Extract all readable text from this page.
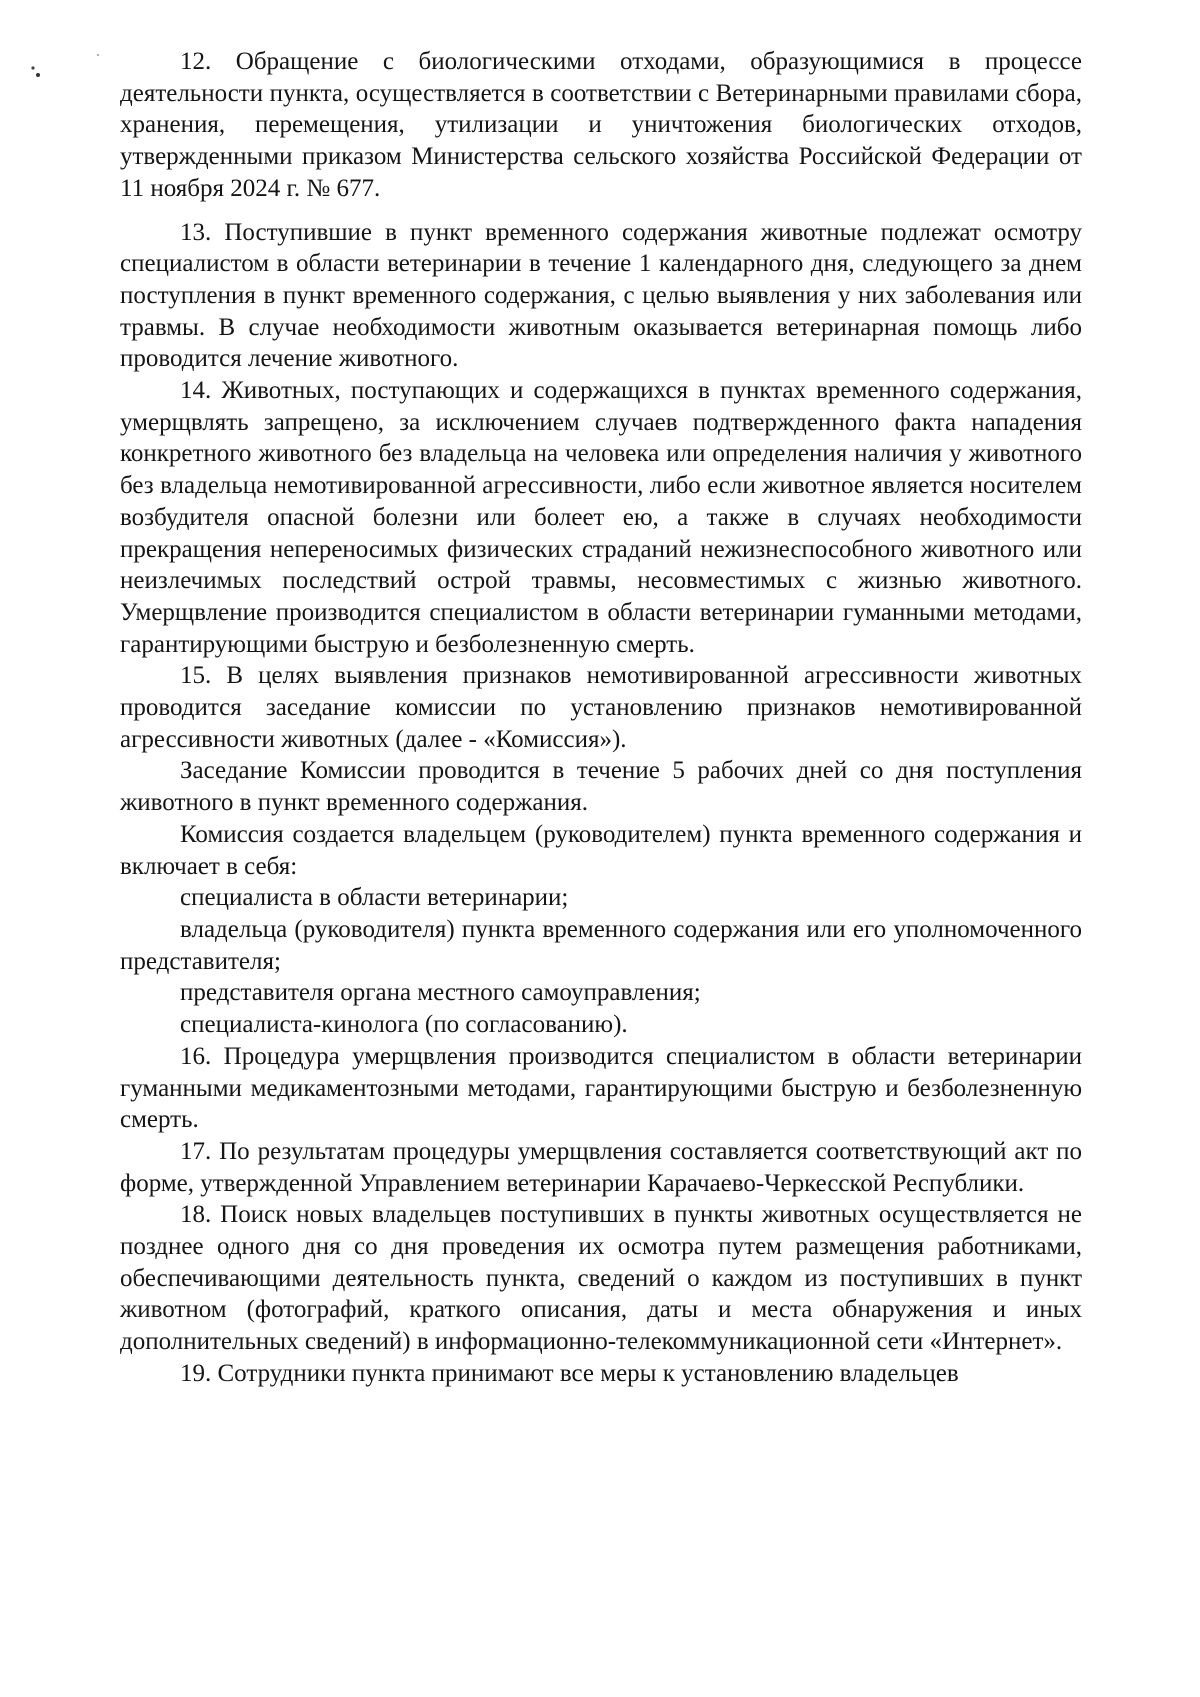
12. Обращение с биологическими отходами, образующимися в процессе деятельности пункта, осуществляется в соответствии с Ветеринарными правилами сбора, хранения, перемещения, утилизации и уничтожения биологических отходов, утвержденными приказом Министерства сельского хозяйства Российской Федерации от 11 ноября 2024 г. № 677.

13. Поступившие в пункт временного содержания животные подлежат осмотру специалистом в области ветеринарии в течение 1 календарного дня, следующего за днем поступления в пункт временного содержания, с целью выявления у них заболевания или травмы. В случае необходимости животным оказывается ветеринарная помощь либо проводится лечение животного.

14. Животных, поступающих и содержащихся в пунктах временного содержания, умерщвлять запрещено, за исключением случаев подтвержденного факта нападения конкретного животного без владельца на человека или определения наличия у животного без владельца немотивированной агрессивности, либо если животное является носителем возбудителя опасной болезни или болеет ею, а также в случаях необходимости прекращения непереносимых физических страданий нежизнеспособного животного или неизлечимых последствий острой травмы, несовместимых с жизнью животного. Умерщвление производится специалистом в области ветеринарии гуманными методами, гарантирующими быструю и безболезненную смерть.

15. В целях выявления признаков немотивированной агрессивности животных проводится заседание комиссии по установлению признаков немотивированной агрессивности животных (далее - «Комиссия»).

Заседание Комиссии проводится в течение 5 рабочих дней со дня поступления животного в пункт временного содержания.

Комиссия создается владельцем (руководителем) пункта временного содержания и включает в себя:

специалиста в области ветеринарии;

владельца (руководителя) пункта временного содержания или его уполномоченного представителя;

представителя органа местного самоуправления;

специалиста-кинолога (по согласованию).

16. Процедура умерщвления производится специалистом в области ветеринарии гуманными медикаментозными методами, гарантирующими быструю и безболезненную смерть.

17. По результатам процедуры умерщвления составляется соответствующий акт по форме, утвержденной Управлением ветеринарии Карачаево-Черкесской Республики.

18. Поиск новых владельцев поступивших в пункты животных осуществляется не позднее одного дня со дня проведения их осмотра путем размещения работниками, обеспечивающими деятельность пункта, сведений о каждом из поступивших в пункт животном (фотографий, краткого описания, даты и места обнаружения и иных дополнительных сведений) в информационно-телекоммуникационной сети «Интернет».

19. Сотрудники пункта принимают все меры к установлению владельцев
